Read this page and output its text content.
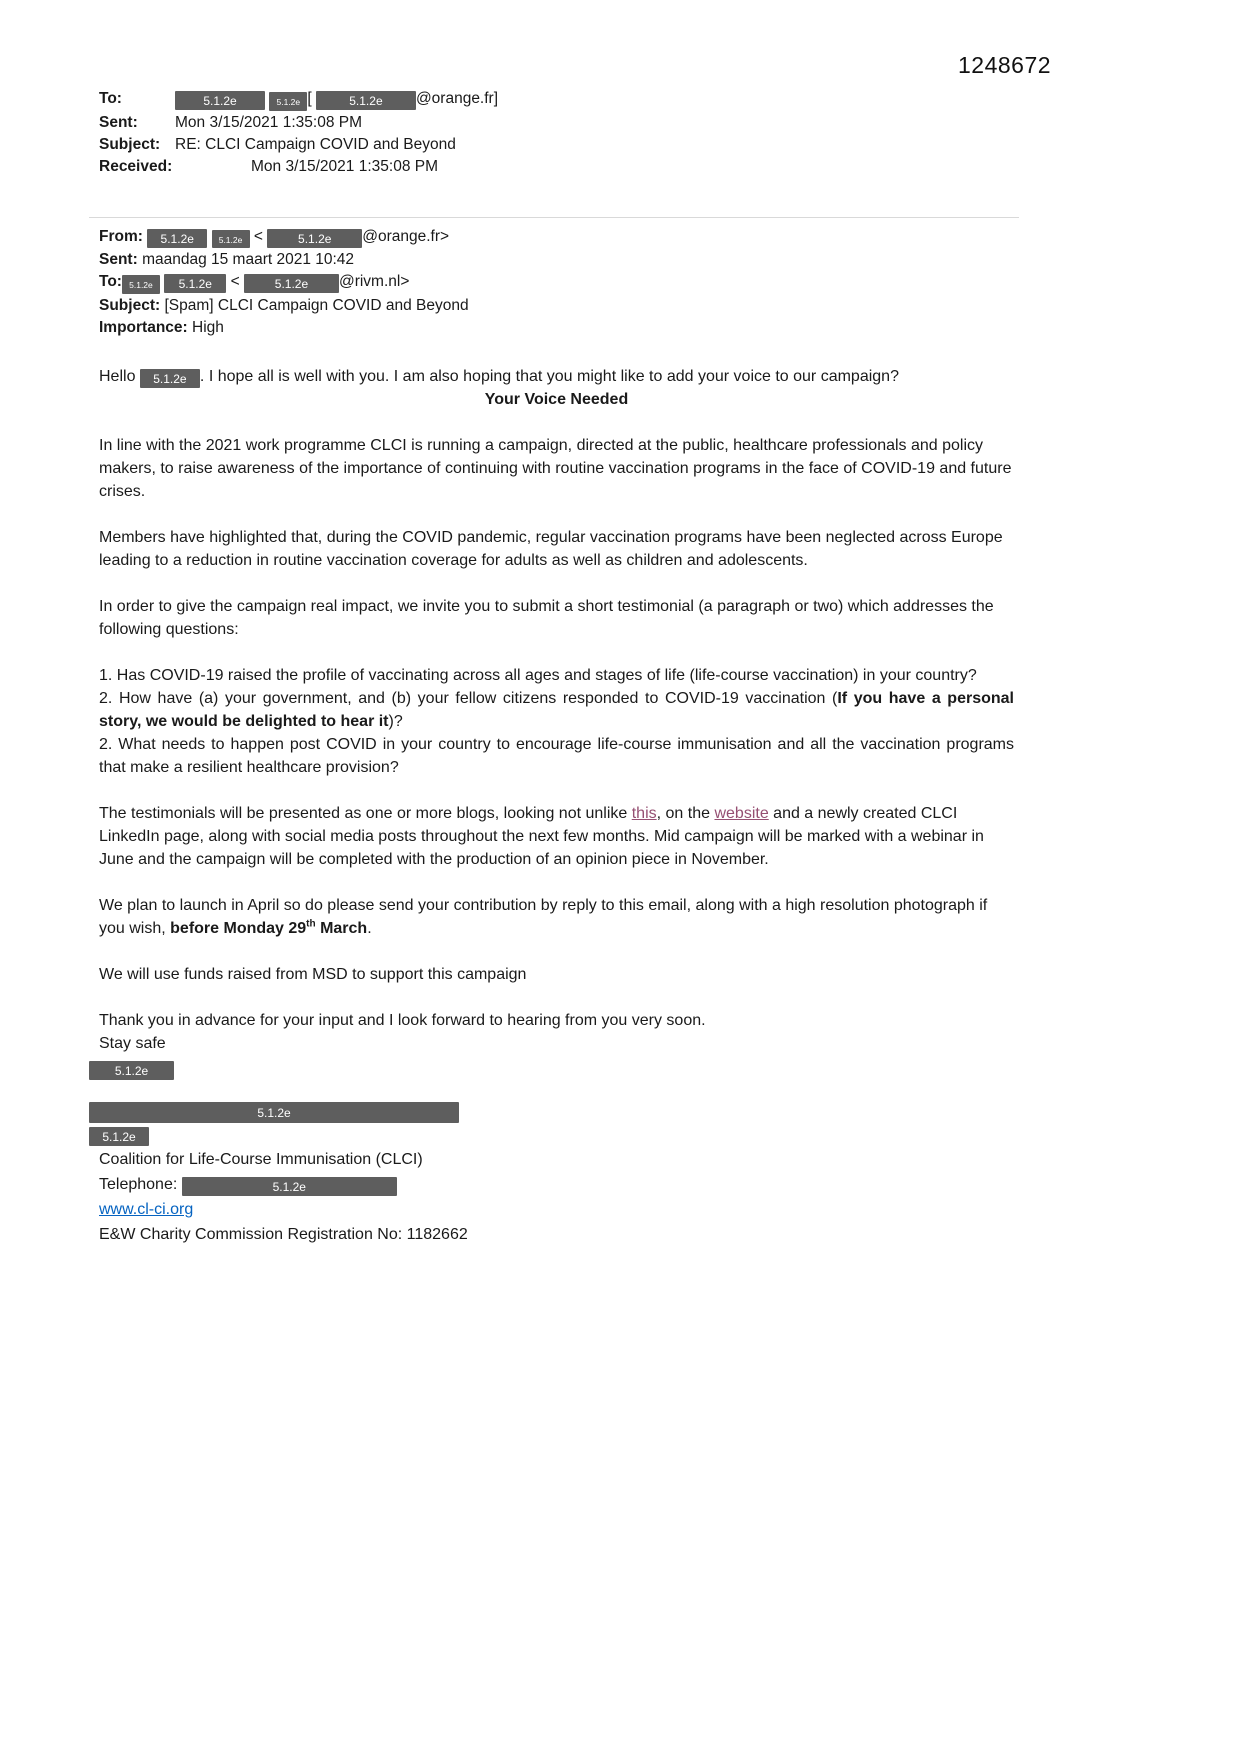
1248672
To:	5.1.2e	5.1.2e [	5.1.2e @orange.fr]
Sent:	Mon 3/15/2021 1:35:08 PM
Subject: RE: CLCI Campaign COVID and Beyond
Received:	Mon 3/15/2021 1:35:08 PM
From: 5.1.2e	5.1.2e <	5.1.2e @orange.fr>
Sent: maandag 15 maart 2021 10:42
To: 5.1.2e 5.1.2e <	5.1.2e @rivm.nl>
Subject: [Spam] CLCI Campaign COVID and Beyond
Importance: High

Hello 5.1.2e . I hope all is well with you. I am also hoping that you might like to add your voice to our campaign?

Your Voice Needed

In line with the 2021 work programme CLCI is running a campaign, directed at the public, healthcare professionals and policy makers, to raise awareness of the importance of continuing with routine vaccination programs in the face of COVID-19 and future crises.

Members have highlighted that, during the COVID pandemic, regular vaccination programs have been neglected across Europe leading to a reduction in routine vaccination coverage for adults as well as children and adolescents.

In order to give the campaign real impact, we invite you to submit a short testimonial (a paragraph or two) which addresses the following questions:

1. Has COVID-19 raised the profile of vaccinating across all ages and stages of life (life-course vaccination) in your country?

2. How have (a) your government, and (b) your fellow citizens responded to COVID-19 vaccination (If you have a personal story, we would be delighted to hear it)?

2. What needs to happen post COVID in your country to encourage life-course immunisation and all the vaccination programs that make a resilient healthcare provision?

The testimonials will be presented as one or more blogs, looking not unlike this, on the website and a newly created CLCI LinkedIn page, along with social media posts throughout the next few months. Mid campaign will be marked with a webinar in June and the campaign will be completed with the production of an opinion piece in November.

We plan to launch in April so do please send your contribution by reply to this email, along with a high resolution photograph if you wish, before Monday 29th March.

We will use funds raised from MSD to support this campaign

Thank you in advance for your input and I look forward to hearing from you very soon.

Stay safe

5.1.2e
5.1.2e
5.1.2e
Coalition for Life-Course Immunisation (CLCI)
Telephone:	5.1.2e
www.cl-ci.org
E&W Charity Commission Registration No: 1182662
